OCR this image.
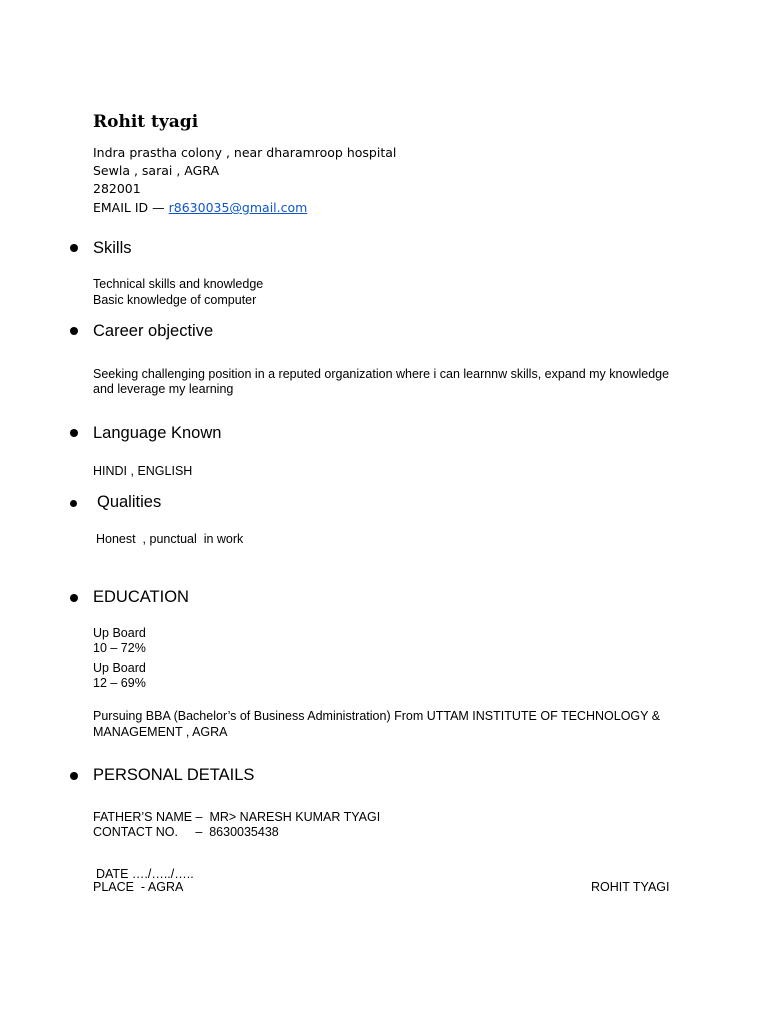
Rohit tyagi
Indra prastha colony , near dharamroop hospital
Sewla , sarai , AGRA
282001
EMAIL ID — r8630035@gmail.com
Skills
Technical skills and knowledge
Basic knowledge of computer
Career objective
Seeking challenging position in a reputed organization where i can learnnw skills, expand my knowledge and leverage my learning
Language Known
HINDI , ENGLISH
Qualities
Honest  , punctual  in work
EDUCATION
Up Board
10 – 72%
Up Board
12 – 69%
Pursuing BBA (Bachelor’s of Business Administration) From UTTAM INSTITUTE OF TECHNOLOGY & MANAGEMENT , AGRA
PERSONAL DETAILS
FATHER’S NAME –  MR> NARESH KUMAR TYAGI
CONTACT NO.     –  8630035438
DATE …./…../…..
PLACE  - AGRA	ROHIT TYAGI
